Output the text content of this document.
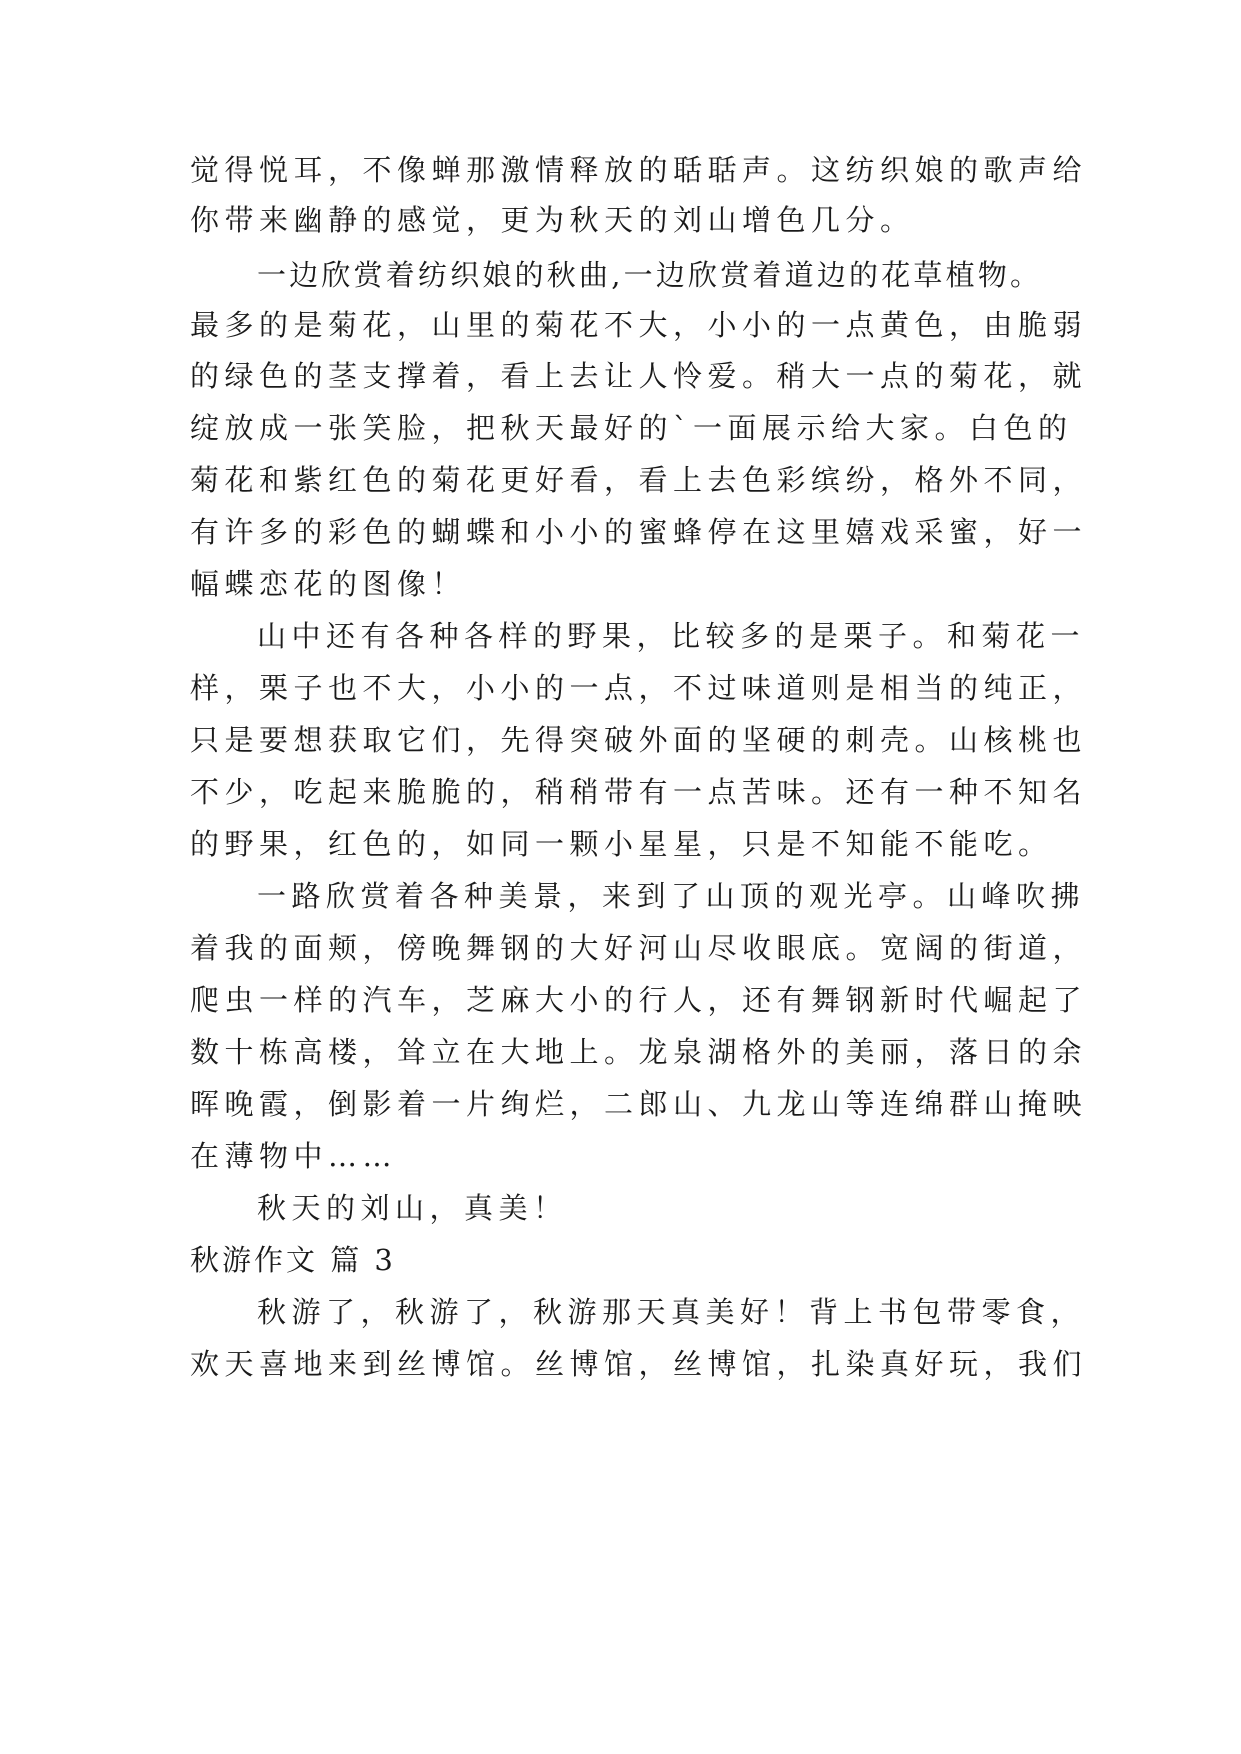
觉得悦耳，不像蝉那激情释放的聒聒声。这纺织娘的歌声给
你带来幽静的感觉，更为秋天的刘山增色几分。
一边欣赏着纺织娘的秋曲,一边欣赏着道边的花草植物。
最多的是菊花，山里的菊花不大，小小的一点黄色，由脆弱
的绿色的茎支撑着，看上去让人怜爱。稍大一点的菊花，就
绽放成一张笑脸，把秋天最好的`一面展示给大家。白色的
菊花和紫红色的菊花更好看，看上去色彩缤纷，格外不同，
有许多的彩色的蝴蝶和小小的蜜蜂停在这里嬉戏采蜜，好一
幅蝶恋花的图像！
山中还有各种各样的野果，比较多的是栗子。和菊花一
样，栗子也不大，小小的一点，不过味道则是相当的纯正，
只是要想获取它们，先得突破外面的坚硬的刺壳。山核桃也
不少，吃起来脆脆的，稍稍带有一点苦味。还有一种不知名
的野果，红色的，如同一颗小星星，只是不知能不能吃。
一路欣赏着各种美景，来到了山顶的观光亭。山峰吹拂
着我的面颊，傍晚舞钢的大好河山尽收眼底。宽阔的街道，
爬虫一样的汽车，芝麻大小的行人，还有舞钢新时代崛起了
数十栋高楼，耸立在大地上。龙泉湖格外的美丽，落日的余
晖晚霞，倒影着一片绚烂，二郎山、九龙山等连绵群山掩映
在薄物中……
秋天的刘山，真美！
秋游作文 篇 3
秋游了，秋游了，秋游那天真美好！背上书包带零食，
欢天喜地来到丝博馆。丝博馆，丝博馆，扎染真好玩，我们
